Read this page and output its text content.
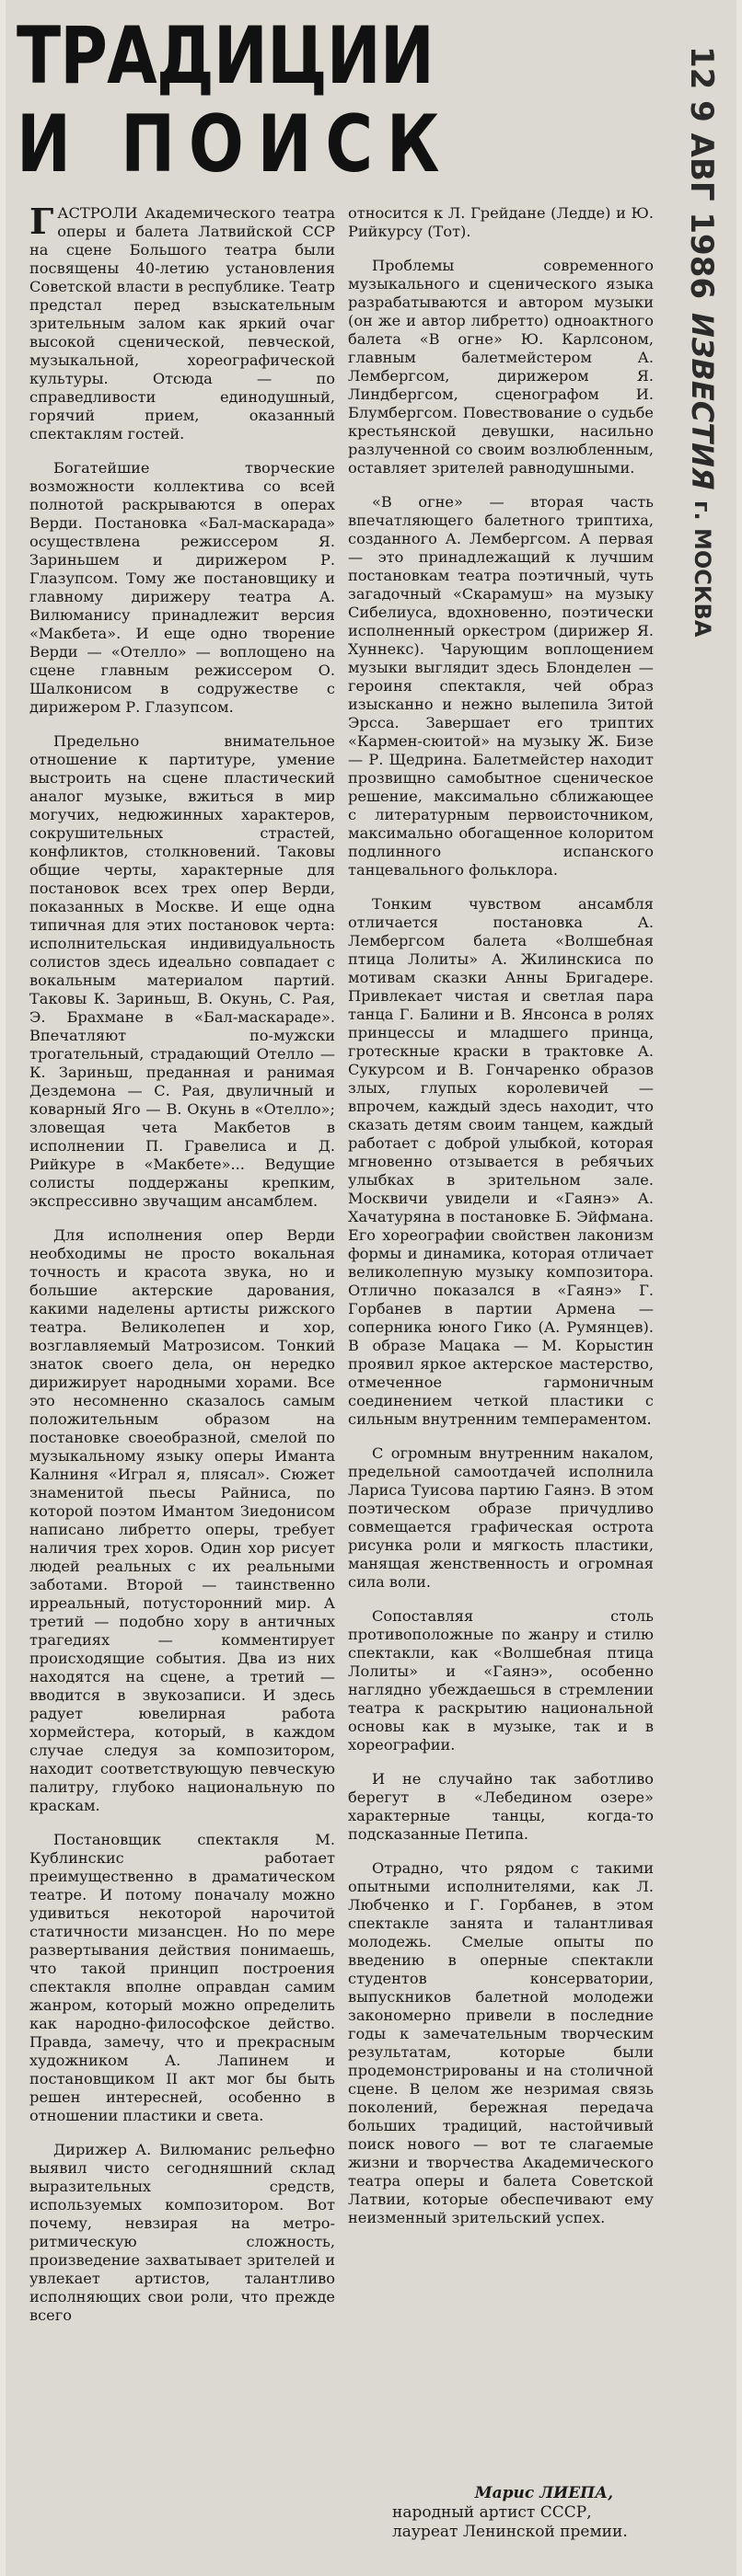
ТРАДИЦИИ
И ПОИСК	12 9 АВГ 1986
ИЗВЕСТИЯ г. МОСКВА

ГАСТРОЛИ Академического театра оперы и балета Латвийской ССР на сцене Большого театра были посвящены 40-летию установления Советской власти в республике. Театр предстал перед взыскательным зрительным залом как яркий очаг высокой сценической, певческой, музыкальной, хореографической культуры. Отсюда — по справедливости единодушный, горячий прием, оказанный спектаклям гостей.

Богатейшие творческие возможности коллектива со всей полнотой раскрываются в операх Верди. Постановка «Бал-маскарада» осуществлена режиссером Я. Зариньшем и дирижером Р. Глазупсом. Тому же постановщику и главному дирижеру театра А. Вилюманису принадлежит версия «Макбета». И еще одно творение Верди — «Отелло» — воплощено на сцене главным режиссером О. Шалконисом в содружестве с дирижером Р. Глазупсом.

Предельно внимательное отношение к партитуре, умение выстроить на сцене пластический аналог музыке, вжиться в мир могучих, недюжинных характеров, сокрушительных страстей, конфликтов, столкновений. Таковы общие черты, характерные для постановок всех трех опер Верди, показанных в Москве. И еще одна типичная для этих постановок черта: исполнительская индивидуальность солистов здесь идеально совпадает с вокальным материалом партий. Таковы К. Зариньш, В. Окунь, С. Рая, Э. Брахмане в «Бал-маскараде». Впечатляют по-мужски трогательный, страдающий Отелло — К. Зариньш, преданная и ранимая Дездемона — С. Рая, двуличный и коварный Яго — В. Окунь в «Отелло»; зловещая чета Макбетов в исполнении П. Гравелиса и Д. Рийкуре в «Макбете»... Ведущие солисты поддержаны крепким, экспрессивно звучащим ансамблем.

Для исполнения опер Верди необходимы не просто вокальная точность и красота звука, но и большие актерские дарования, какими наделены артисты рижского театра. Великолепен и хор, возглавляемый Матрозисом. Тонкий знаток своего дела, он нередко дирижирует народными хорами. Все это несомненно сказалось самым положительным образом на постановке своеобразной, смелой по музыкальному языку оперы Иманта Калниня «Играл я, плясал». Сюжет знаменитой пьесы Райниса, по которой поэтом Имантом Зиедонисом написано либретто оперы, требует наличия трех хоров. Один хор рисует людей реальных с их реальными заботами. Второй — таинственно ирреальный, потусторонний мир. А третий — подобно хору в античных трагедиях — комментирует происходящие события. Два из них находятся на сцене, а третий — вводится в звукозаписи. И здесь радует ювелирная работа хормейстера, который, в каждом случае следуя за композитором, находит соответствующую певческую палитру, глубоко национальную по краскам.

Постановщик спектакля М. Кублинскис работает преимущественно в драматическом театре. И потому поначалу можно удивиться некоторой нарочитой статичности мизансцен. Но по мере развертывания действия понимаешь, что такой принцип построения спектакля вполне оправдан самим жанром, который можно определить как народно-философское действо. Правда, замечу, что и прекрасным художником А. Лапинем и постановщиком II акт мог бы быть решен интересней, особенно в отношении пластики и света.

Дирижер А. Вилюманис рельефно выявил чисто сегодняшний склад выразительных средств, используемых композитором. Вот почему, невзирая на метро-ритмическую сложность, произведение захватывает зрителей и увлекает артистов, талантливо исполняющих свои роли, что прежде всего

относится к Л. Грейдане (Ледде) и Ю. Рийкурсу (Тот).

Проблемы современного музыкального и сценического языка разрабатываются и автором музыки (он же и автор либретто) одноактного балета «В огне» Ю. Карлсоном, главным балетмейстером А. Лембергсом, дирижером Я. Линдбергсом, сценографом И. Блумбергсом. Повествование о судьбе крестьянской девушки, насильно разлученной со своим возлюбленным, оставляет зрителей равнодушными.

«В огне» — вторая часть впечатляющего балетного триптиха, созданного А. Лембергсом. А первая — это принадлежащий к лучшим постановкам театра поэтичный, чуть загадочный «Скарамуш» на музыку Сибелиуса, вдохновенно, поэтически исполненный оркестром (дирижер Я. Хуннекс). Чарующим воплощением музыки выглядит здесь Блонделен — героиня спектакля, чей образ изысканно и нежно вылепила Зитой Эрсса. Завершает его триптих «Кармен-сюитой» на музыку Ж. Бизе — Р. Щедрина. Балетмейстер находит прозвищно самобытное сценическое решение, максимально сближающее с литературным первоисточником, максимально обогащенное колоритом подлинного испанского танцевального фольклора.

Тонким чувством ансамбля отличается постановка А. Лембергсом балета «Волшебная птица Лолиты» А. Жилинскиса по мотивам сказки Анны Бригадере. Привлекает чистая и светлая пара танца Г. Балини и В. Янсонса в ролях принцессы и младшего принца, гротескные краски в трактовке А. Сукурсом и В. Гончаренко образов злых, глупых королевичей — впрочем, каждый здесь находит, что сказать детям своим танцем, каждый работает с доброй улыбкой, которая мгновенно отзывается в ребячьих улыбках в зрительном зале. Москвичи увидели и «Гаянэ» А. Хачатуряна в постановке Б. Эйфмана. Его хореографии свойствен лаконизм формы и динамика, которая отличает великолепную музыку композитора. Отлично показался в «Гаянэ» Г. Горбанев в партии Армена — соперника юного Гико (А. Румянцев). В образе Мацака — М. Корыстин проявил яркое актерское мастерство, отмеченное гармоничным соединением четкой пластики с сильным внутренним темпераментом.

С огромным внутренним накалом, предельной самоотдачей исполнила Лариса Туисова партию Гаянэ. В этом поэтическом образе причудливо совмещается графическая острота рисунка роли и мягкость пластики, манящая женственность и огромная сила воли.

Сопоставляя столь противоположные по жанру и стилю спектакли, как «Волшебная птица Лолиты» и «Гаянэ», особенно наглядно убеждаешься в стремлении театра к раскрытию национальной основы как в музыке, так и в хореографии.

И не случайно так заботливо берегут в «Лебедином озере» характерные танцы, когда-то подсказанные Петипа.

Отрадно, что рядом с такими опытными исполнителями, как Л. Любченко и Г. Горбанев, в этом спектакле занята и талантливая молодежь. Смелые опыты по введению в оперные спектакли студентов консерватории, выпускников балетной молодежи закономерно привели в последние годы к замечательным творческим результатам, которые были продемонстрированы и на столичной сцене. В целом же незримая связь поколений, бережная передача больших традиций, настойчивый поиск нового — вот те слагаемые жизни и творчества Академического театра оперы и балета Советской Латвии, которые обеспечивают ему неизменный зрительский успех.

Марис ЛИЕПА,
народный артист СССР,
лауреат Ленинской премии.
